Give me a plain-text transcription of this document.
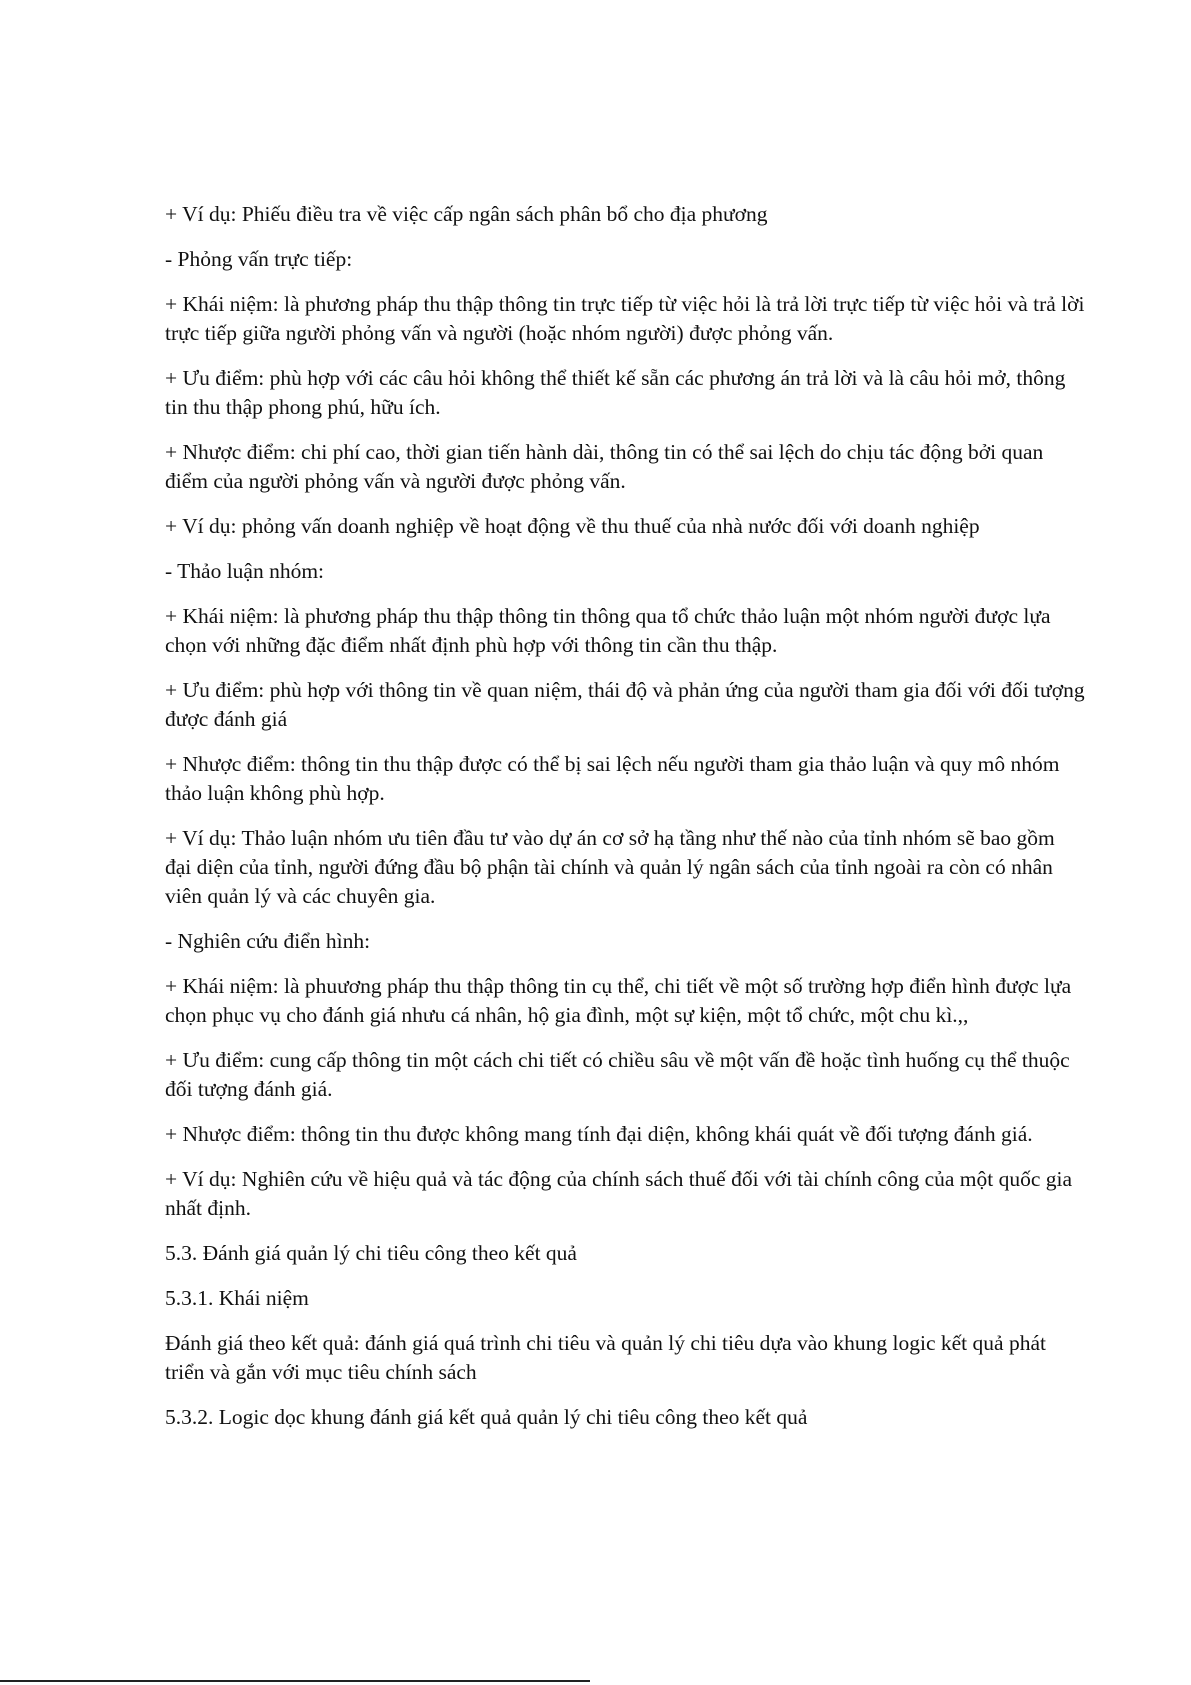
+ Ví dụ: Phiếu điều tra về việc cấp ngân sách phân bổ cho địa phương

- Phỏng vấn trực tiếp:

+ Khái niệm: là phương pháp thu thập thông tin trực tiếp từ việc hỏi là trả lời trực tiếp từ việc hỏi và trả lời trực tiếp giữa người phỏng vấn và người (hoặc nhóm người) được phỏng vấn.

+ Ưu điểm: phù hợp với các câu hỏi không thể thiết kế sẵn các phương án trả lời và là câu hỏi mở, thông tin thu thập phong phú, hữu ích.

+ Nhược điểm: chi phí cao, thời gian tiến hành dài, thông tin có thể sai lệch do chịu tác động bởi quan điểm của người phỏng vấn và người được phỏng vấn.

+ Ví dụ: phỏng vấn doanh nghiệp về hoạt động về thu thuế của nhà nước đối với doanh nghiệp

- Thảo luận nhóm:

+ Khái niệm: là phương pháp thu thập thông tin thông qua tổ chức thảo luận một nhóm người được lựa chọn với những đặc điểm nhất định phù hợp với thông tin cần thu thập.

+ Ưu điểm: phù hợp với thông tin về quan niệm, thái độ và phản ứng của người tham gia đối với đối tượng được đánh giá

+ Nhược điểm: thông tin thu thập được có thể bị sai lệch nếu người tham gia thảo luận và quy mô nhóm thảo luận không phù hợp.

+ Ví dụ: Thảo luận nhóm ưu tiên đầu tư vào dự án cơ sở hạ tầng như thế nào của tỉnh nhóm sẽ bao gồm đại diện của tỉnh, người đứng đầu bộ phận tài chính và quản lý ngân sách của tỉnh ngoài ra còn có nhân viên quản lý và các chuyên gia.

- Nghiên cứu điển hình:

+ Khái niệm: là phuương pháp thu thập thông tin cụ thể, chi tiết về một số trường hợp điển hình được lựa chọn phục vụ cho đánh giá nhưu cá nhân, hộ gia đình, một sự kiện, một tổ chức, một chu kì.,,

+ Ưu điểm: cung cấp thông tin một cách chi tiết có chiều sâu về một vấn đề hoặc tình huống cụ thể thuộc đối tượng đánh giá.

+ Nhược điểm: thông tin thu được không mang tính đại diện, không khái quát về đối tượng đánh giá.

+ Ví dụ: Nghiên cứu về hiệu quả và tác động của chính sách thuế đối với tài chính công của một quốc gia nhất định.

5.3. Đánh giá quản lý chi tiêu công theo kết quả

5.3.1. Khái niệm

Đánh giá theo kết quả: đánh giá quá trình chi tiêu và quản lý chi tiêu dựa vào khung logic kết quả phát triển và gắn với mục tiêu chính sách

5.3.2. Logic dọc khung đánh giá kết quả quản lý chi tiêu công theo kết quả
